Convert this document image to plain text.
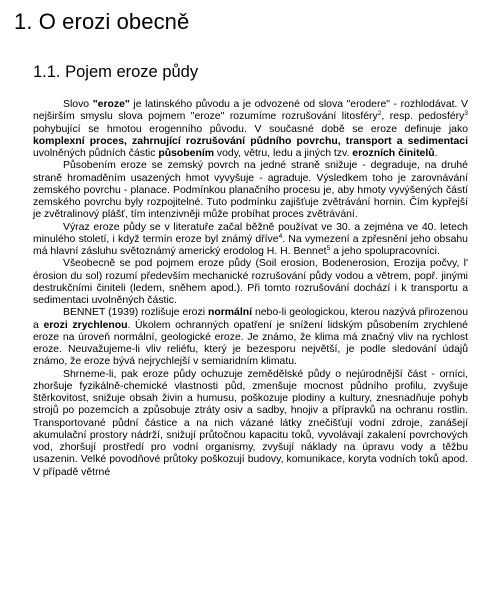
1. O erozi obecně
1.1. Pojem eroze půdy

Slovo "eroze" je latinského původu a je odvozené od slova "erodere" - rozhlodávat. V nejširším smyslu slova pojmem "eroze" rozumíme rozrušování litosféry$^2$, resp. pedosféry$^3$ pohybující se hmotou erogenního původu. V současné době se eroze definuje jako komplexní proces, zahrnující rozrušování půdního povrchu, transport a sedimentaci uvolněných půdních částic působením vody, větru, ledu a jiných tzv. erozních činitelů.

Působením eroze se zemský povrch na jedné straně snižuje - degraduje, na druhé straně hromaděním usazených hmot vyvyšuje - agraduje. Výsledkem toho je zarovnávání zemského povrchu - planace. Podmínkou planačního procesu je, aby hmoty vyvýšených částí zemského povrchu byly rozpojitelné. Tuto podmínku zajišťuje zvětrávání hornin. Čím kypřejší je zvětralinový plášť, tím intenzivněji může probíhat proces zvětrávání.

Výraz eroze půdy se v literatuře začal běžně používat ve 30. a zejména ve 40. letech minulého století, i když termín eroze byl známý dříve$^4$. Na vymezení a zpřesnění jeho obsahu má hlavní zásluhu světoznámý americký erodolog H. H. Bennet$^5$ a jeho spolupracovníci.

Všeobecně se pod pojmem eroze půdy (Soil erosion, Bodenerosion, Erozija počvy, l' érosion du sol) rozumí především mechanické rozrušování půdy vodou a větrem, popř. jinými destrukčními činiteli (ledem, sněhem apod.). Při tomto rozrušování dochází i k transportu a sedimentaci uvolněných částic.

BENNET (1939) rozlišuje erozi normální nebo-li geologickou, kterou nazývá přirozenou a erozi zrychlenou. Úkolem ochranných opatření je snížení lidským působením zrychlené eroze na úroveň normální, geologické eroze. Je známo, že klima má značný vliv na rychlost eroze. Neuvažujeme-li vliv reliéfu, který je bezesporu největší, je podle sledování údajů známo, že eroze bývá nejrychlejší v semiaridním klimatu.

Shrneme-li, pak eroze půdy ochuzuje zemědělské půdy o nejúrodnější část - orníci, zhoršuje fyzikálně-chemické vlastnosti půd, zmenšuje mocnost půdního profilu, zvyšuje štěrkovitost, snižuje obsah živin a humusu, poškozuje plodiny a kultury, znesnadňuje pohyb strojů po pozemcích a způsobuje ztráty osiv a sadby, hnojiv a přípravků na ochranu rostlin. Transportované půdní částice a na nich vázané látky znečišťují vodní zdroje, zanášejí akumulační prostory nádrží, snižují průtočnou kapacitu toků, vyvolávají zakalení povrchových vod, zhoršují prostředí pro vodní organismy, zvyšují náklady na úpravu vody a těžbu usazenin. Velké povodňové průtoky poškozují budovy, komunikace, koryta vodních toků apod. V případě větrné
